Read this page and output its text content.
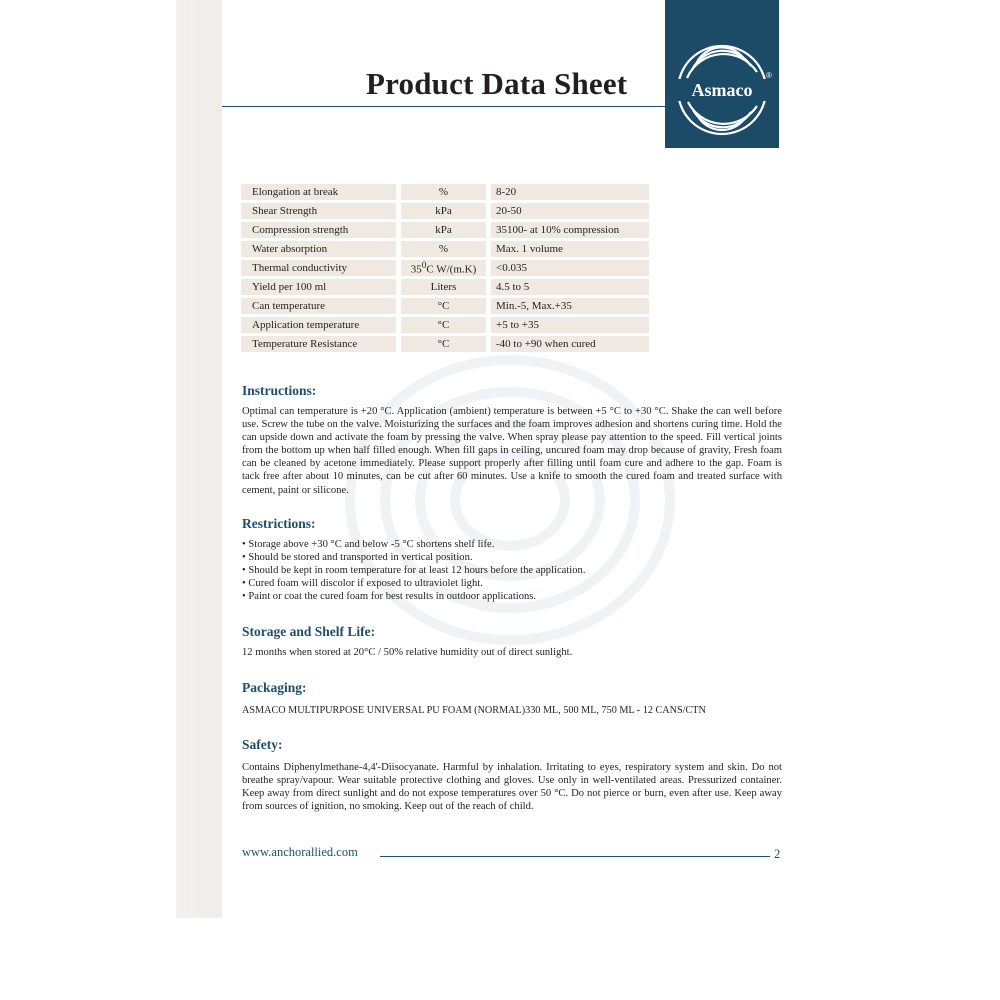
Product Data Sheet	Asmaco
®
Elongation at break		%		8-20
Shear Strength		kPa		20-50
Compression strength		kPa		35100- at 10% compression
Water absorption		%		Max. 1 volume
Thermal conductivity		$35^0C$ W/(m.K)		<0.035
Yield per 100 ml		Liters		4.5 to 5
Can temperature		°C		Min.-5, Max.+35
Application temperature		°C		+5 to +35
Temperature Resistance		°C		-40 to +90 when cured
Instructions:

Optimal can temperature is +20 °C. Application (ambient) temperature is between +5 °C to +30 °C. Shake the can well before use. Screw the tube on the valve. Moisturizing the surfaces and the foam improves adhesion and shortens curing time. Hold the can upside down and activate the foam by pressing the valve. When spray please pay attention to the speed. Fill vertical joints from the bottom up when half filled enough. When fill gaps in ceiling, uncured foam may drop because of gravity, Fresh foam can be cleaned by acetone immediately. Please support properly after filling until foam cure and adhere to the gap. Foam is tack free after about 10 minutes, can be cut after 60 minutes. Use a knife to smooth the cured foam and treated surface with cement, paint or silicone.

Restrictions:
• Storage above +30 °C and below -5 °C shortens shelf life.
• Should be stored and transported in vertical position.
• Should be kept in room temperature for at least 12 hours before the application.
• Cured foam will discolor if exposed to ultraviolet light.
• Paint or coat the cured foam for best results in outdoor applications.
Storage and Shelf Life:

12 months when stored at 20°C / 50% relative humidity out of direct sunlight.

Packaging:

ASMACO MULTIPURPOSE UNIVERSAL PU FOAM (NORMAL)330 ML, 500 ML, 750 ML - 12 CANS/CTN

Safety:

Contains Diphenylmethane-4,4'-Diisocyanate. Harmful by inhalation. Irritating to eyes, respiratory system and skin. Do not breathe spray/vapour. Wear suitable protective clothing and gloves. Use only in well-ventilated areas. Pressurized container. Keep away from direct sunlight and do not expose temperatures over 50 °C. Do not pierce or burn, even after use. Keep away from sources of ignition, no smoking. Keep out of the reach of child.

www.anchorallied.com	2
